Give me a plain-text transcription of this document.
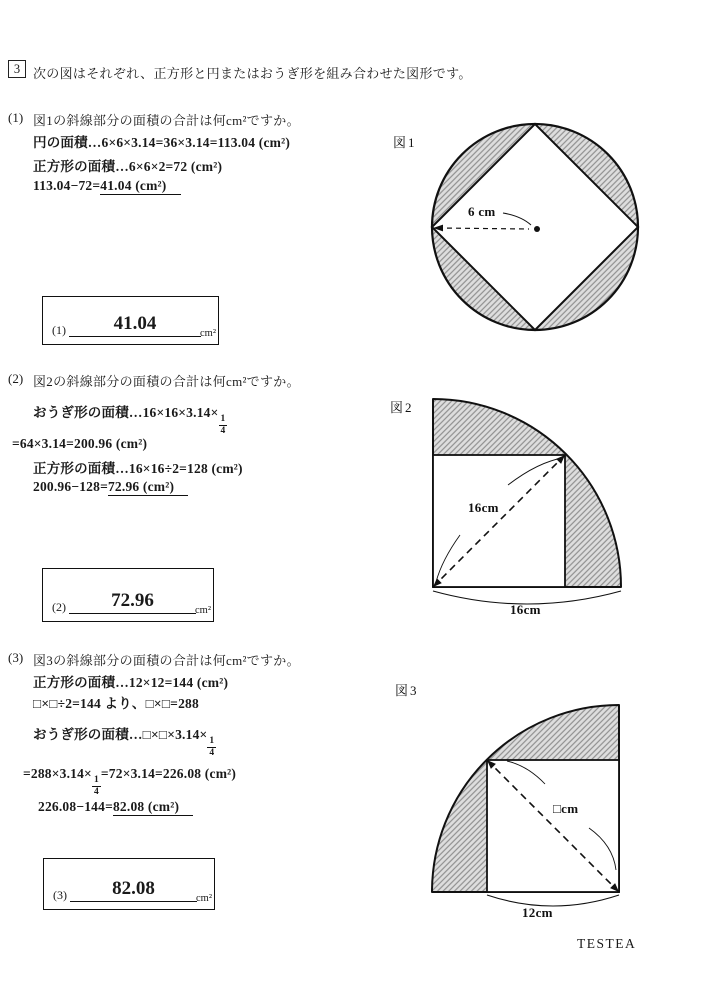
3 次の図はそれぞれ、正方形と円またはおうぎ形を組み合わせた図形です。
(1) 図1の斜線部分の面積の合計は何cm²ですか。
円の面積…6×6×3.14=36×3.14=113.04 (cm²)
正方形の面積…6×6×2=72 (cm²)
113.04−72=41.04 (cm²)
(1)	41.04	cm²
図1
6 cm
(2) 図2の斜線部分の面積の合計は何cm²ですか。
おうぎ形の面積…16×16×3.14×
$\frac{1}{4}$
=64×3.14=200.96 (cm²)
正方形の面積…16×16÷2=128 (cm²)
200.96−128=72.96 (cm²)
(2)	72.96	cm²
図2
16cm
16cm
(3) 図3の斜線部分の面積の合計は何cm²ですか。
正方形の面積…12×12=144 (cm²)
□×□÷2=144 より、□×□=288
おうぎ形の面積…□×□×3.14×
$\frac{1}{4}$
=288×3.14×
$\frac{1}{4}$
=72×3.14=226.08 (cm²)
226.08−144=82.08 (cm²)
(3)	82.08	cm²
図3
□cm
12cm
TESTEA
